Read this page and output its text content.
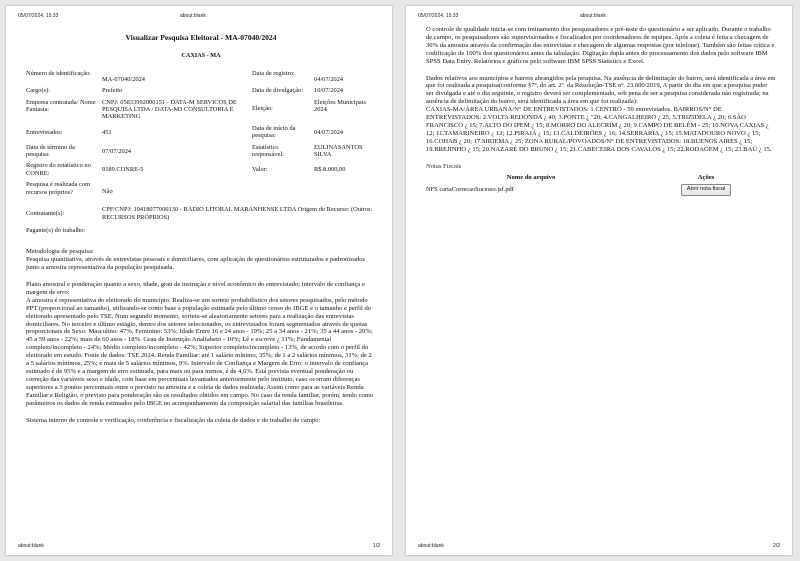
05/07/2024, 15:33	about:blank
Visualizar Pesquisa Eleitoral - MA-07040/2024
CAXIAS - MA
Número de identificação:	MA-07040/2024	Data de registro:	04/07/2024
Cargo(s):	Prefeito	Data de divulgação:	10/07/2024
Empresa contratada/ Nome Fantasia:	CNPJ: 05833992000151 - DATA-M SERVICOS DE PESQUISA LTDA / DATA-M3 CONSULTORIA E MARKETING	Eleição:	Eleições Municipais 2024
Entrevistados:	451	Data de início da pesquisa:	04/07/2024
Data de término da pesquisa:	07/07/2024	Estatístico responsável:	EULINASANTOS SILVA
Registro do estatístico no CONRE:	9189 CONRE-5	Valor:	R$ 8.000,00
Pesquisa é realizada com recursos próprios?	Não		
Contratante(s):
CPF/CNPJ: 10418077000130 - RADIO LITORAL MARANHENSE LTDA Origem do Recurso: (Outros: RECURSOS PRÓPRIOS)
Pagante(s) do trabalho:

Metodologia de pesquisa:

Pesquisa quantitativa, através de entrevistas pessoais e domiciliares, com aplicação de questionários estruturados e padronizados junto a amostra representativa da população pesquisada.

Plano amostral e ponderação quanto a sexo, idade, grau de instrução e nível econômico do entrevistado; intervalo de confiança e margem de erro:

A amostra é representativa do eleitorado do município. Realiza-se um sorteio probabilístico dos setores pesquisados, pelo método PPT (proporcional ao tamanho), utilizando-se como base a população estimada pelo último censo do IBGE e o tamanho e perfil do eleitorado apresentado pelo TSE. Num segundo momento, sorteiu-se aleatoriamente setores para a realização das entrevistas domiciliares. No terceiro e último estágio, dentro dos setores selecionados, os entrevistados foram segmentados através de quotas proporcionais de Sexo: Masculino: 47%, Feminino: 53%; Idade Entre 16 e 24 anos - 19%; 25 a 34 anos - 21%; 35 a 44 anos - 20%; 45 a 59 anos - 22%; mais de 60 anos - 18%. Grau de Instrução Analfabeto - 10%; Lê e escreve ¿ 11%; Fundamental completo/incompleto - 24%; Médio completo/incompleto - 42%; Superior completo/incompleto - 13%, de acordo com o perfil do eleitorado em estudo. Fonte de dados: TSE 2024. Renda Familiar: até 1 salário mínimo, 35%; de 1 a 2 salários mínimos, 31%; de 2 a 5 salários mínimos, 25%; e mais de 5 salários mínimos, 9%. Intervalo de Confiança e Margem de Erro: o intervalo de confiança estimado é de 95% e a margem de erro estimada, para mais ou para menos, é de 4,6%. Está prevista eventual ponderação ou correção das variáveis sexo e idade, com base em percentuais levantados anteriormente pelo instituto, caso ocorram diferenças superiores a 3 pontos percentuais entre o previsto na amostra e a coleta de dados realizada. Assim como para as variáveis Renda Familiar e Religião, o previsto para ponderação são os resultados obtidos em campo. No caso da renda familiar, porém, tendo como parâmetros os dados de renda estimados pelo IBGE no acompanhamento da composição salarial das famílias brasileiras.

Sistema interno de controle e verificação, conferência e fiscalização da coleta de dados e do trabalho de campo:

about:blank	1/2
05/07/2024, 15:33	about:blank

O controle de qualidade inicia-se com treinamento dos pesquisadores e pré-teste do questionário a ser aplicado. Durante o trabalho de campo, os pesquisadores são supervisionados e fiscalizados por coordenadores de equipes. Após a coleta é feita a checagem de 30% da amostra através da confirmação das entrevistas e checagem de algumas respostas (por telefone). Também são feitas crítica e codificação de 100% dos questionários antes da tabulação. Digitação dupla antes do processamento dos dados pelo software IBM SPSS Data Entry. Relatórios e gráficos pelo software IBM SPSS Statistics e Excel.

Dados relativos aos municípios e bairros abrangidos pela pesquisa. Na ausência de delimitação do bairro, será identificada a área em que foi realizada a pesquisa(conforme §7º. do art. 2º. da Resolução-TSE nº. 23.600/2019, A partir do dia em que a pesquisa puder ser divulgada e até o dia seguinte, o registro deverá ser complementado, sob pena de ser a pesquisa considerada não registrada; na ausência de delimitação do bairro, será identificada a área em que foi realizada):

CAXIAS-MA/ÁREA URBANA/N° DE ENTREVISTADOS: 1.CENTRO - 50 entrevistados. BAIRROS/N° DE ENTREVISTADOS: 2.VOLTA REDONDA ¿ 40; 3.PONTE ¿ "20; 4.CANGALHEIRO ¿ 25; 5.TRIZIDELA ¿ 20; 6.SÃO FRANCISCO ¿ 15; 7.ALTO DO IPEM ¿ 15; 8.MORRO DO ALECRIM ¿ 20; 9.CAMPO DE BELÉM - 25; 10.NOVA CAXIAS ¿ 12; 11.TAMARINEIRO ¿ 12; 12.PIRAJÁ ¿ 15; 13.CALDEIRÕES ¿ 16; 14.SERRARIA ¿ 15; 15.MATADOURO NOVO ¿ 15; 16.COHAB ¿ 20; 17.SIRIEMA ¿ 25; ZONA RURAL/POVOADOS/N° DE ENTREVISTADOS: 18.BUENOS AIRES ¿ 15; 19.BREJINHO ¿ 15; 20.NAZARÉ DO BRUNO ¿ 15; 21.CABECEIRA DOS CAVALOS ¿ 15; 22.RODAGEM ¿ 15; 23.BAÚ ¿ 15.

Notas Fiscais
Nome do arquivo	Ações
NFS cartaCorrecaoSucesso.jsf.pdf	Abrir nota fiscal
about:blank	2/2
